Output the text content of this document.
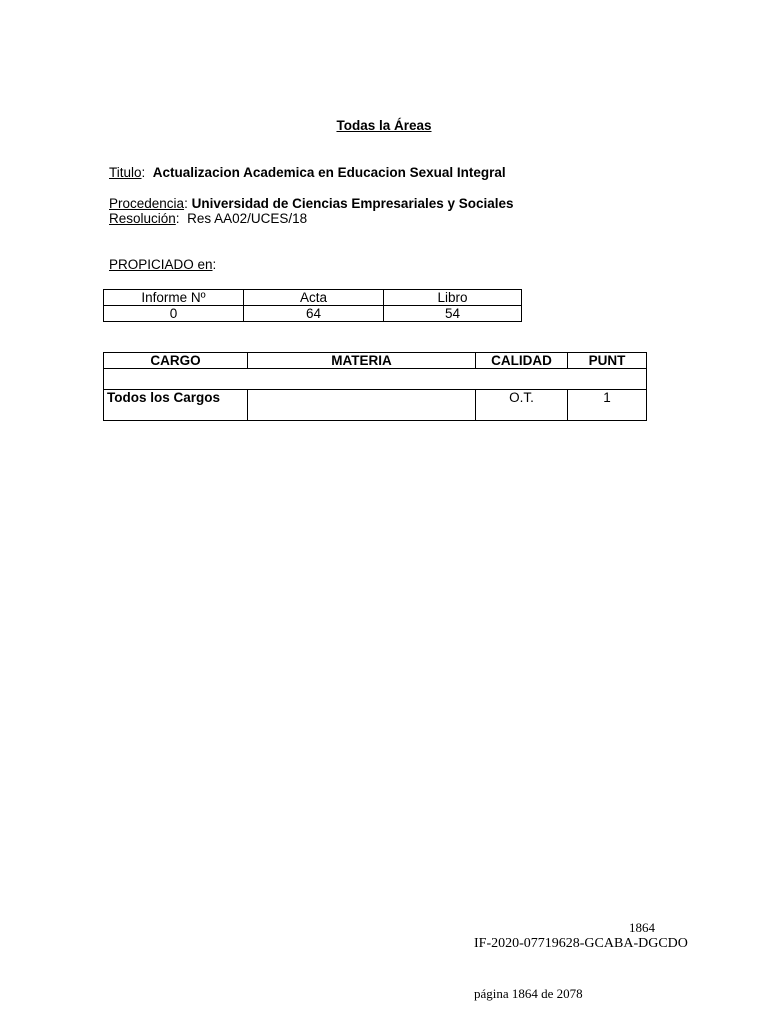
Todas la Áreas
Titulo: Actualizacion Academica en Educacion Sexual Integral
Procedencia: Universidad de Ciencias Empresariales y Sociales
Resolución: Res AA02/UCES/18
PROPICIADO en:
Informe Nº	Acta	Libro
0	64	54
CARGO	MATERIA	CALIDAD	PUNT

Todos los Cargos		O.T.	1
1864
IF-2020-07719628-GCABA-DGCDO
página 1864 de 2078
